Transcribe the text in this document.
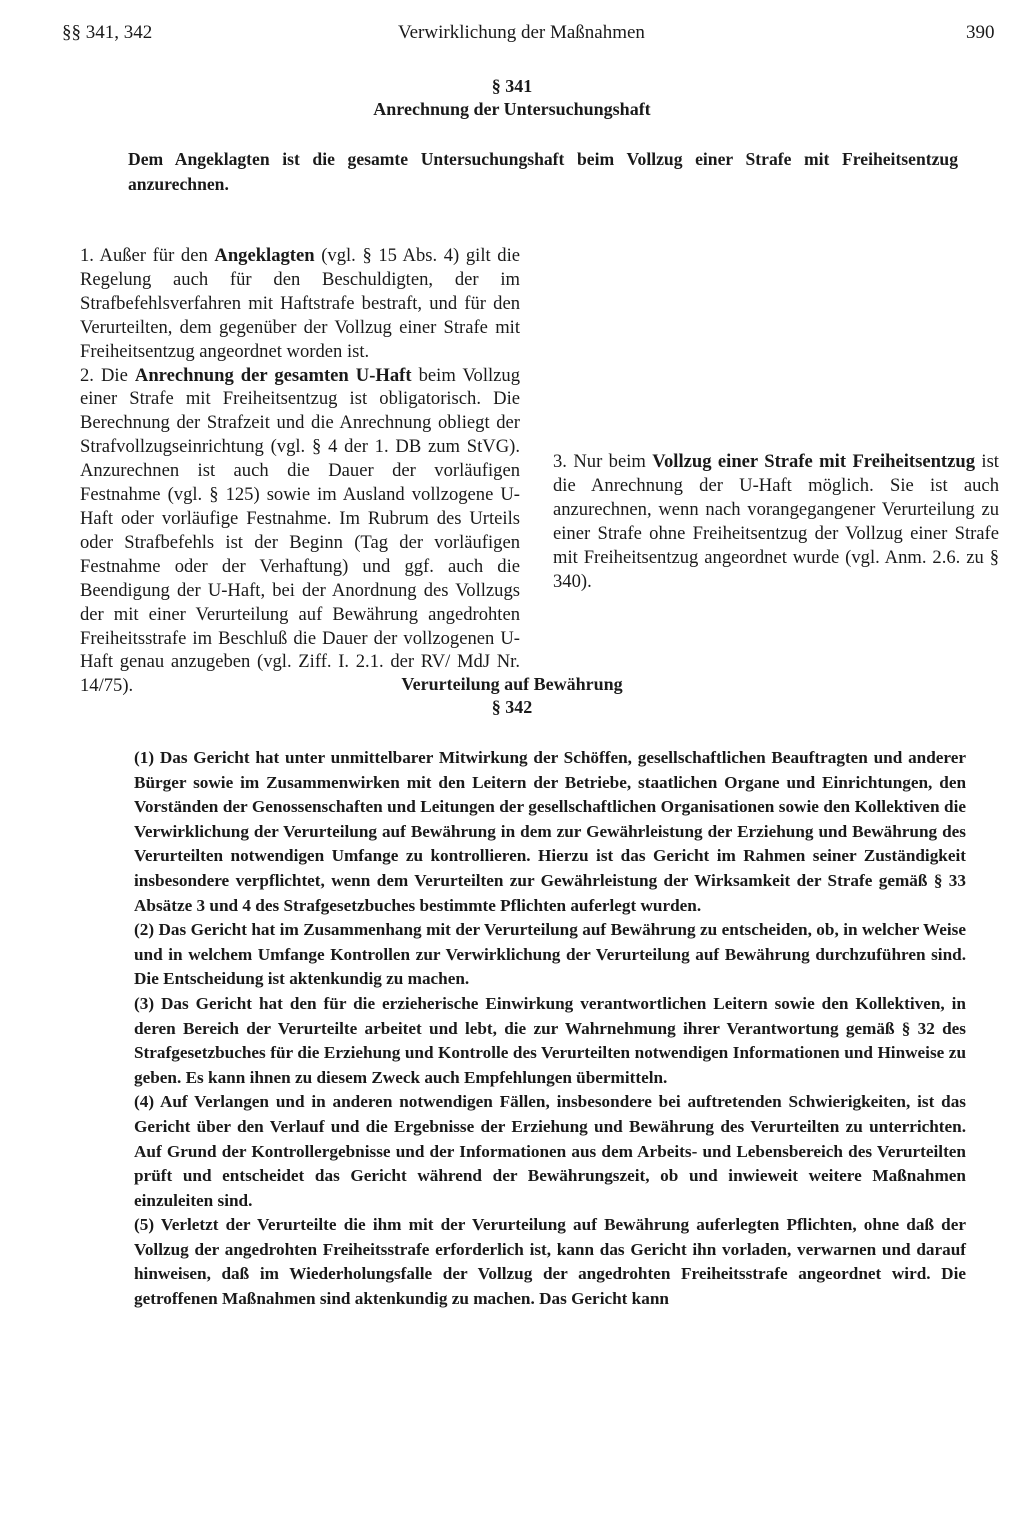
§§ 341, 342	Verwirklichung der Maßnahmen	390
§ 341
Anrechnung der Untersuchungshaft

Dem Angeklagten ist die gesamte Untersuchungshaft beim Vollzug einer Strafe mit Freiheitsentzug anzurechnen.

1. Außer für den Angeklagten (vgl. § 15 Abs. 4) gilt die Regelung auch für den Beschuldigten, der im Strafbefehlsverfahren mit Haftstrafe bestraft, und für den Verurteilten, dem gegenüber der Vollzug einer Strafe mit Freiheitsentzug angeordnet worden ist.

2. Die Anrechnung der gesamten U-Haft beim Vollzug einer Strafe mit Freiheitsentzug ist obligatorisch. Die Berechnung der Strafzeit und die Anrechnung obliegt der Strafvollzugseinrichtung (vgl. § 4 der 1. DB zum StVG). Anzurechnen ist auch die Dauer der vorläufigen Festnahme (vgl. § 125) sowie im Ausland vollzogene U-Haft oder vorläufige Festnahme. Im Rubrum des Urteils oder Strafbefehls ist der Beginn (Tag der vorläufigen Festnahme oder der Verhaftung) und ggf. auch die Beendigung der U-Haft, bei der Anordnung des Vollzugs der mit einer Verurteilung auf Bewährung angedrohten Freiheitsstrafe im Beschluß die Dauer der vollzogenen U-Haft genau anzugeben (vgl. Ziff. I. 2.1. der RV/ MdJ Nr. 14/75).

3. Nur beim Vollzug einer Strafe mit Freiheitsentzug ist die Anrechnung der U-Haft möglich. Sie ist auch anzurechnen, wenn nach vorangegangener Verurteilung zu einer Strafe ohne Freiheitsentzug der Vollzug einer Strafe mit Freiheitsentzug angeordnet wurde (vgl. Anm. 2.6. zu § 340).

Verurteilung auf Bewährung
§ 342

(1) Das Gericht hat unter unmittelbarer Mitwirkung der Schöffen, gesellschaftlichen Beauftragten und anderer Bürger sowie im Zusammenwirken mit den Leitern der Betriebe, staatlichen Organe und Einrichtungen, den Vorständen der Genossenschaften und Leitungen der gesellschaftlichen Organisationen sowie den Kollektiven die Verwirklichung der Verurteilung auf Bewährung in dem zur Gewährleistung der Erziehung und Bewährung des Verurteilten notwendigen Umfange zu kontrollieren. Hierzu ist das Gericht im Rahmen seiner Zuständigkeit insbesondere verpflichtet, wenn dem Verurteilten zur Gewährleistung der Wirksamkeit der Strafe gemäß § 33 Absätze 3 und 4 des Strafgesetzbuches bestimmte Pflichten auferlegt wurden.

(2) Das Gericht hat im Zusammenhang mit der Verurteilung auf Bewährung zu entscheiden, ob, in welcher Weise und in welchem Umfange Kontrollen zur Verwirklichung der Verurteilung auf Bewährung durchzuführen sind. Die Entscheidung ist aktenkundig zu machen.

(3) Das Gericht hat den für die erzieherische Einwirkung verantwortlichen Leitern sowie den Kollektiven, in deren Bereich der Verurteilte arbeitet und lebt, die zur Wahrnehmung ihrer Verantwortung gemäß § 32 des Strafgesetzbuches für die Erziehung und Kontrolle des Verurteilten notwendigen Informationen und Hinweise zu geben. Es kann ihnen zu diesem Zweck auch Empfehlungen übermitteln.

(4) Auf Verlangen und in anderen notwendigen Fällen, insbesondere bei auftretenden Schwierigkeiten, ist das Gericht über den Verlauf und die Ergebnisse der Erziehung und Bewährung des Verurteilten zu unterrichten. Auf Grund der Kontrollergebnisse und der Informationen aus dem Arbeits- und Lebensbereich des Verurteilten prüft und entscheidet das Gericht während der Bewährungszeit, ob und inwieweit weitere Maßnahmen einzuleiten sind.

(5) Verletzt der Verurteilte die ihm mit der Verurteilung auf Bewährung auferlegten Pflichten, ohne daß der Vollzug der angedrohten Freiheitsstrafe erforderlich ist, kann das Gericht ihn vorladen, verwarnen und darauf hinweisen, daß im Wiederholungsfalle der Vollzug der angedrohten Freiheitsstrafe angeordnet wird. Die getroffenen Maßnahmen sind aktenkundig zu machen. Das Gericht kann
